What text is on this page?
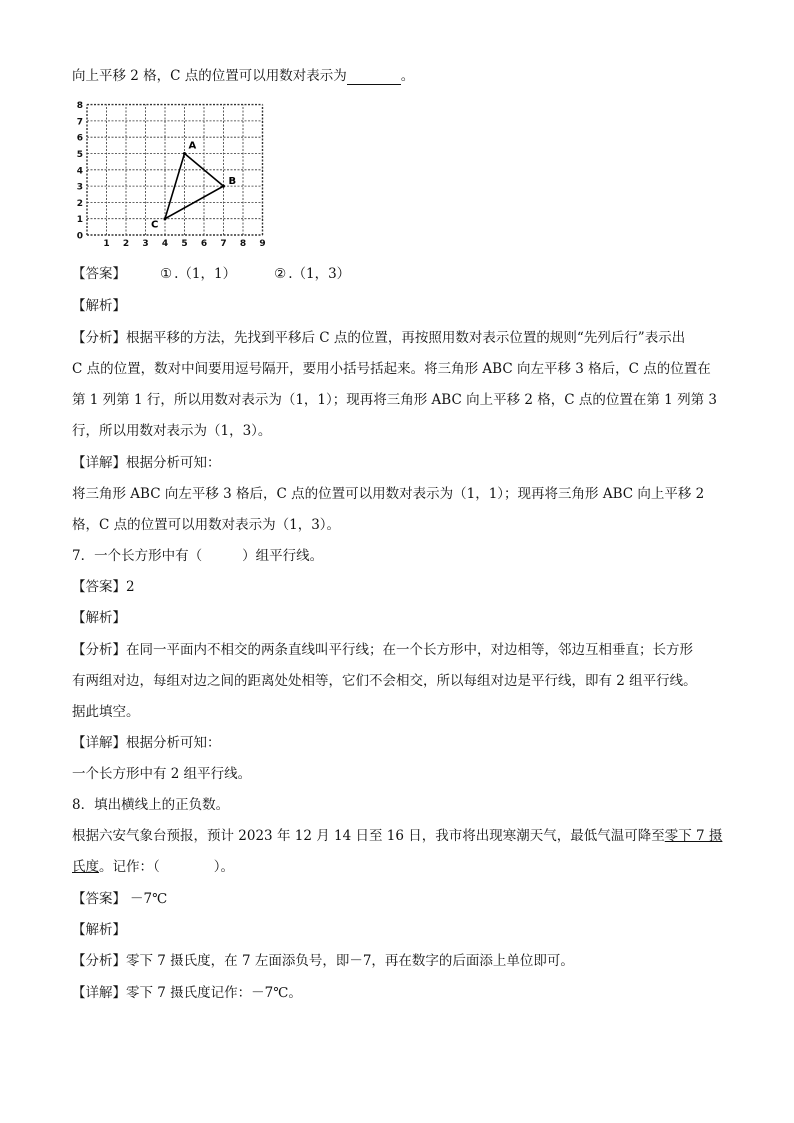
向上平移 2 格，C 点的位置可以用数对表示为	。
0
1
2
3
4
5
6
7
8
1 2 3 4 5 6 7 8 9
A
B
C
【答案】	① .（1，1）	② .（1，3）
【解析】
【分析】根据平移的方法，先找到平移后 C 点的位置，再按照用数对表示位置的规则“先列后行”表示出
C 点的位置，数对中间要用逗号隔开，要用小括号括起来。将三角形 ABC 向左平移 3 格后，C 点的位置在
第 1 列第 1 行，所以用数对表示为（1，1）；现再将三角形 ABC 向上平移 2 格，C 点的位置在第 1 列第 3
行，所以用数对表示为（1，3）。
【详解】根据分析可知：
将三角形 ABC 向左平移 3 格后，C 点的位置可以用数对表示为（1，1）；现再将三角形 ABC 向上平移 2
格，C 点的位置可以用数对表示为（1，3）。
7．一个长方形中有（	）组平行线。
【答案】2
【解析】
【分析】在同一平面内不相交的两条直线叫平行线；在一个长方形中，对边相等，邻边互相垂直；长方形
有两组对边，每组对边之间的距离处处相等，它们不会相交，所以每组对边是平行线，即有 2 组平行线。
据此填空。
【详解】根据分析可知：
一个长方形中有 2 组平行线。
8．填出横线上的正负数。
根据六安气象台预报，预计 2023 年 12 月 14 日至 16 日，我市将出现寒潮天气，最低气温可降至零下 7 摄
氏度。记作：（	）。
【答案】 －7℃
【解析】
【分析】零下 7 摄氏度，在 7 左面添负号，即－7，再在数字的后面添上单位即可。
【详解】零下 7 摄氏度记作：－7℃。
